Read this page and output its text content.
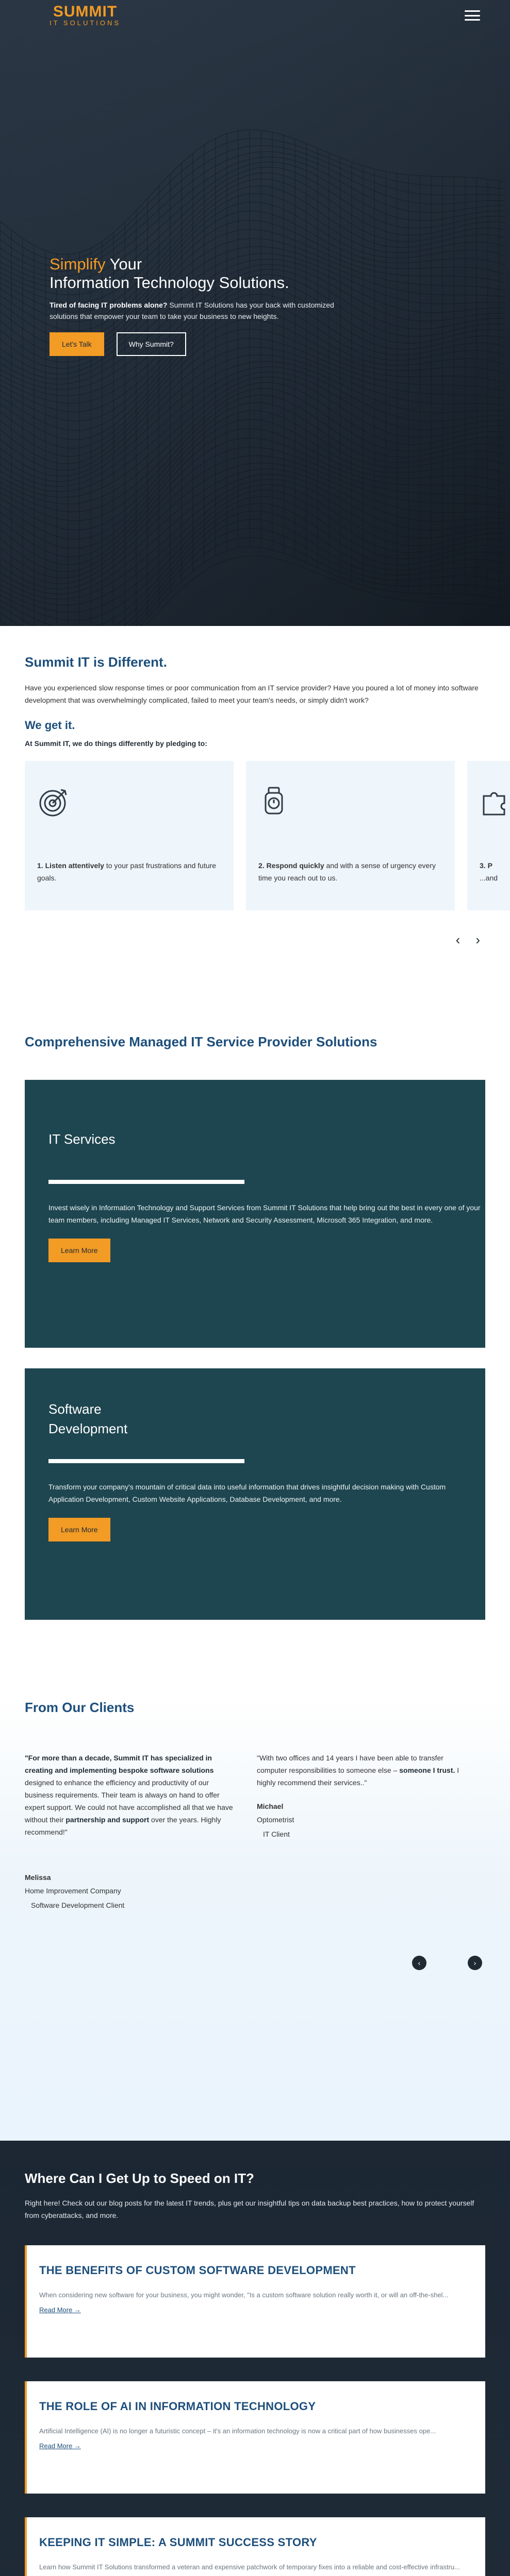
SUMMIT
IT SOLUTIONS
Simplify Your
Information Technology Solutions.

Tired of facing IT problems alone? Summit IT Solutions has your back with customized solutions that empower your team to take your business to new heights.

Let's Talk	Why Summit?
Summit IT is Different.

Have you experienced slow response times or poor communication from an IT service provider? Have you poured a lot of money into software development that was overwhelmingly complicated, failed to meet your team's needs, or simply didn't work?

We get it.

At Summit IT, we do things differently by pledging to:

1. Listen attentively to your past frustrations and future goals.

2. Respond quickly and with a sense of urgency every time you reach out to us.

3. P
...and

‹ ›
Comprehensive Managed IT Service Provider Solutions
IT Services

Invest wisely in Information Technology and Support Services from Summit IT Solutions that help bring out the best in every one of your team members, including Managed IT Services, Network and Security Assessment, Microsoft 365 Integration, and more.

Learn More
Software
Development

Transform your company's mountain of critical data into useful information that drives insightful decision making with Custom Application Development, Custom Website Applications, Database Development, and more.

Learn More
From Our Clients

"For more than a decade, Summit IT has specialized in creating and implementing bespoke software solutions designed to enhance the efficiency and productivity of our business requirements. Their team is always on hand to offer expert support. We could not have accomplished all that we have without their partnership and support over the years. Highly recommend!"

Melissa
Home Improvement Company
Software Development Client

"With two offices and 14 years I have been able to transfer computer responsibilities to someone else – someone I trust. I highly recommend their services.."

Michael
Optometrist
IT Client
‹	›
Where Can I Get Up to Speed on IT?

Right here! Check out our blog posts for the latest IT trends, plus get our insightful tips on data backup best practices, how to protect yourself from cyberattacks, and more.

THE BENEFITS OF CUSTOM SOFTWARE DEVELOPMENT

When considering new software for your business, you might wonder, "Is a custom software solution really worth it, or will an off-the-shel...

Read More →
THE ROLE OF AI IN INFORMATION TECHNOLOGY

Artificial Intelligence (AI) is no longer a futuristic concept – it's an information technology is now a critical part of how businesses ope...

Read More →
KEEPING IT SIMPLE: A SUMMIT SUCCESS STORY

Learn how Summit IT Solutions transformed a veteran and expensive patchwork of temporary fixes into a reliable and cost-effective infrastru...
